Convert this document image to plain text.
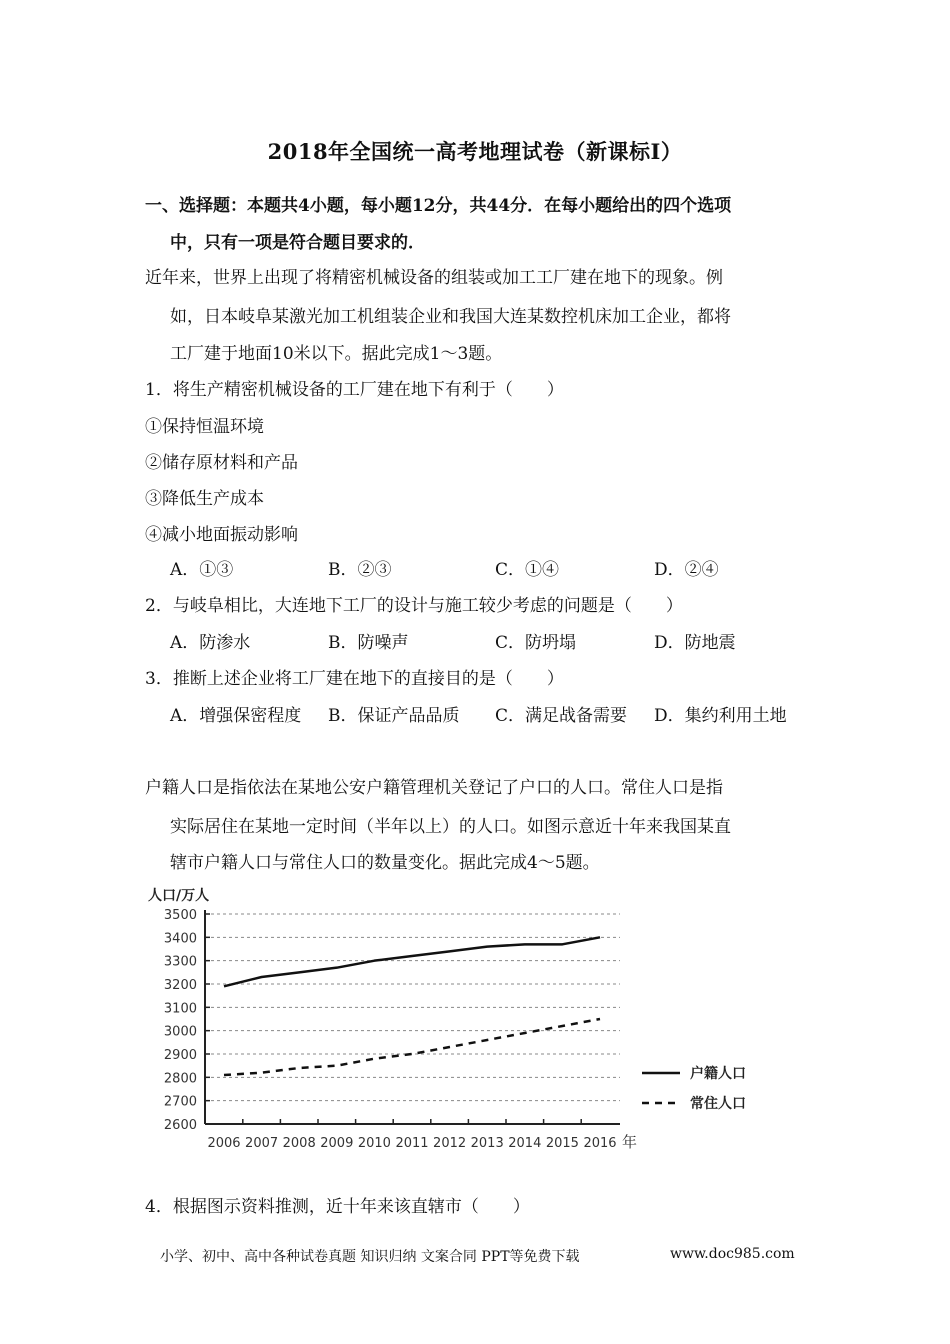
2018年全国统一高考地理试卷（新课标Ⅰ）
一、选择题：本题共4小题，每小题12分，共44分．在每小题给出的四个选项
中，只有一项是符合题目要求的．
近年来，世界上出现了将精密机械设备的组装或加工工厂建在地下的现象。例
如，日本岐阜某激光加工机组装企业和我国大连某数控机床加工企业，都将
工厂建于地面10米以下。据此完成1～3题。
1．将生产精密机械设备的工厂建在地下有利于（　　）
①保持恒温环境
②储存原材料和产品
③降低生产成本
④减小地面振动影响
A．①③	B．②③	C．①④	D．②④
2．与岐阜相比，大连地下工厂的设计与施工较少考虑的问题是（　　）
A．防渗水	B．防噪声	C．防坍塌	D．防地震
3．推断上述企业将工厂建在地下的直接目的是（　　）
A．增强保密程度 B．保证产品品质 C．满足战备需要 D．集约利用土地
户籍人口是指依法在某地公安户籍管理机关登记了户口的人口。常住人口是指
实际居住在某地一定时间（半年以上）的人口。如图示意近十年来我国某直
辖市户籍人口与常住人口的数量变化。据此完成4～5题。
人口/万人
年
2600
2700
2800
2900
3000
3100
3200
3300
3400
3500
2006 2007 2008 2009 2010 2011 2012 2013 2014 2015 2016
户籍人口
常住人口
4．根据图示资料推测，近十年来该直辖市（　　）
小学、初中、高中各种试卷真题 知识归纳 文案合同 PPT等免费下载	www.doc985.com
